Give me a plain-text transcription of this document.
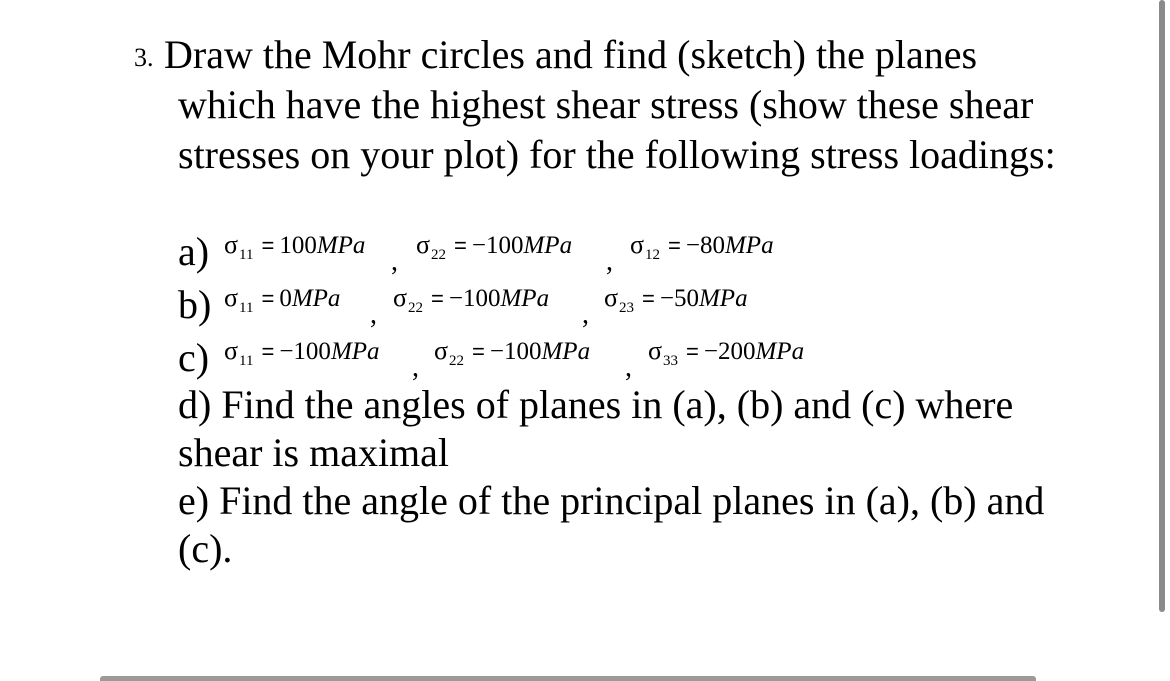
3. Draw the Mohr circles and find (sketch) the planes
which have the highest shear stress (show these shear
stresses on your plot) for the following stress loadings:
a) $\sigma_{11} = 100MPa$
,
$\sigma_{22} = -100MPa$
,
$\sigma_{12} = -80MPa$
b) $\sigma_{11} = 0MPa$
,
$\sigma_{22} = -100MPa$
,
$\sigma_{23} = -50MPa$
c) $\sigma_{11} = -100MPa$
,
$\sigma_{22} = -100MPa$
,
$\sigma_{33} = -200MPa$
d) Find the angles of planes in (a), (b) and (c) where
shear is maximal
e) Find the angle of the principal planes in (a), (b) and
(c).
